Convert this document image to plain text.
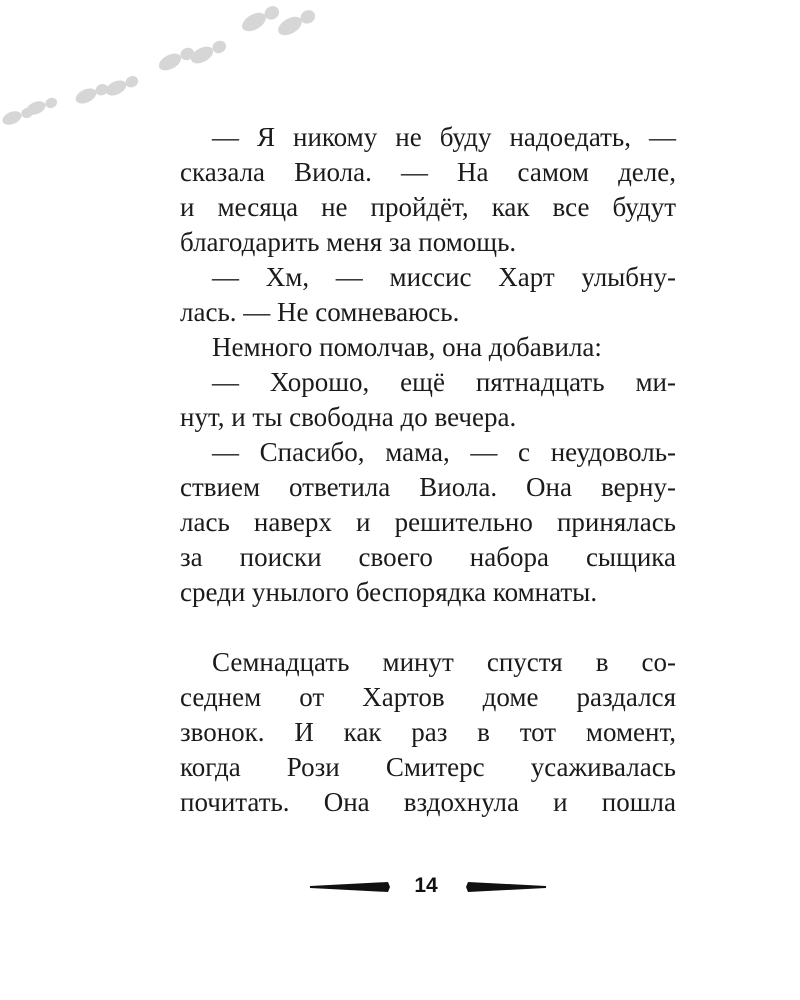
— Я никому не буду надоедать, —
сказала Виола. — На самом деле,
и месяца не пройдёт, как все будут
благодарить меня за помощь.
— Хм, — миссис Харт улыбну-
лась. — Не сомневаюсь.
Немного помолчав, она добавила:
— Хорошо, ещё пятнадцать ми-
нут, и ты свободна до вечера.
— Спасибо, мама, — с неудоволь-
ствием ответила Виола. Она верну-
лась наверх и решительно принялась
за поиски своего набора сыщика
среди унылого беспорядка комнаты.
Семнадцать минут спустя в со-
седнем от Хартов доме раздался
звонок. И как раз в тот момент,
когда Рози Смитерс усаживалась
почитать. Она вздохнула и пошла
14
